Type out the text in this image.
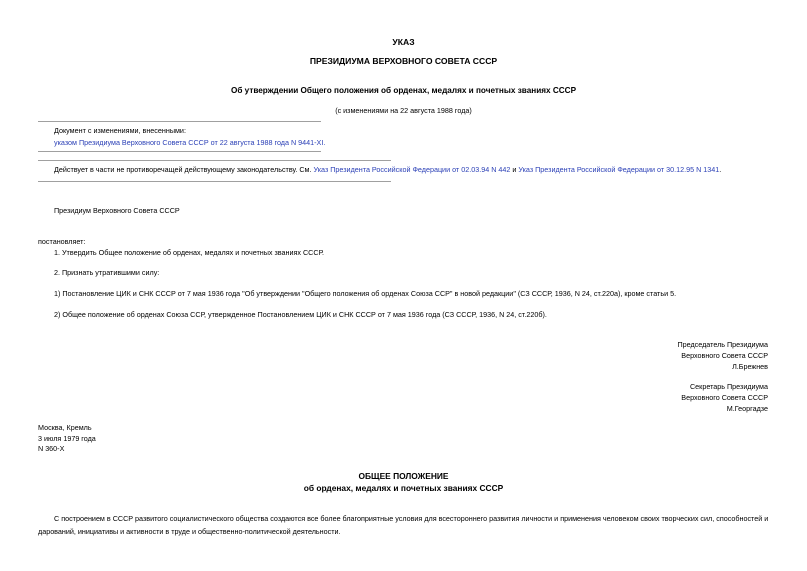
УКАЗ
ПРЕЗИДИУМА ВЕРХОВНОГО СОВЕТА СССР
Об утверждении Общего положения об орденах, медалях и почетных званиях СССР
(с изменениями на 22 августа 1988 года)
Документ с изменениями, внесенными:
указом Президиума Верховного Совета СССР от 22 августа 1988 года N 9441-XI.
Действует в части не противоречащей действующему законодательству. См. Указ Президента Российской Федерации от 02.03.94 N 442 и Указ Президента Российской Федерации от 30.12.95 N 1341.
Президиум Верховного Совета СССР
постановляет:
1. Утвердить Общее положение об орденах, медалях и почетных званиях СССР.
2. Признать утратившими силу:
1) Постановление ЦИК и СНК СССР от 7 мая 1936 года "Об утверждении "Общего положения об орденах Союза ССР" в новой редакции" (СЗ СССР, 1936, N 24, ст.220а), кроме статьи 5.
2) Общее положение об орденах Союза ССР, утвержденное Постановлением ЦИК и СНК СССР от 7 мая 1936 года (СЗ СССР, 1936, N 24, ст.220б).
Председатель Президиума
Верховного Совета СССР
Л.Брежнев
Секретарь Президиума
Верховного Совета СССР
М.Георгадзе
Москва, Кремль
3 июля 1979 года
N 360-X
ОБЩЕЕ ПОЛОЖЕНИЕ
об орденах, медалях и почетных званиях СССР
С построением в СССР развитого социалистического общества создаются все более благоприятные условия для всестороннего развития личности и применения человеком своих творческих сил, способностей и дарований, инициативы и активности в труде и общественно-политической деятельности.
